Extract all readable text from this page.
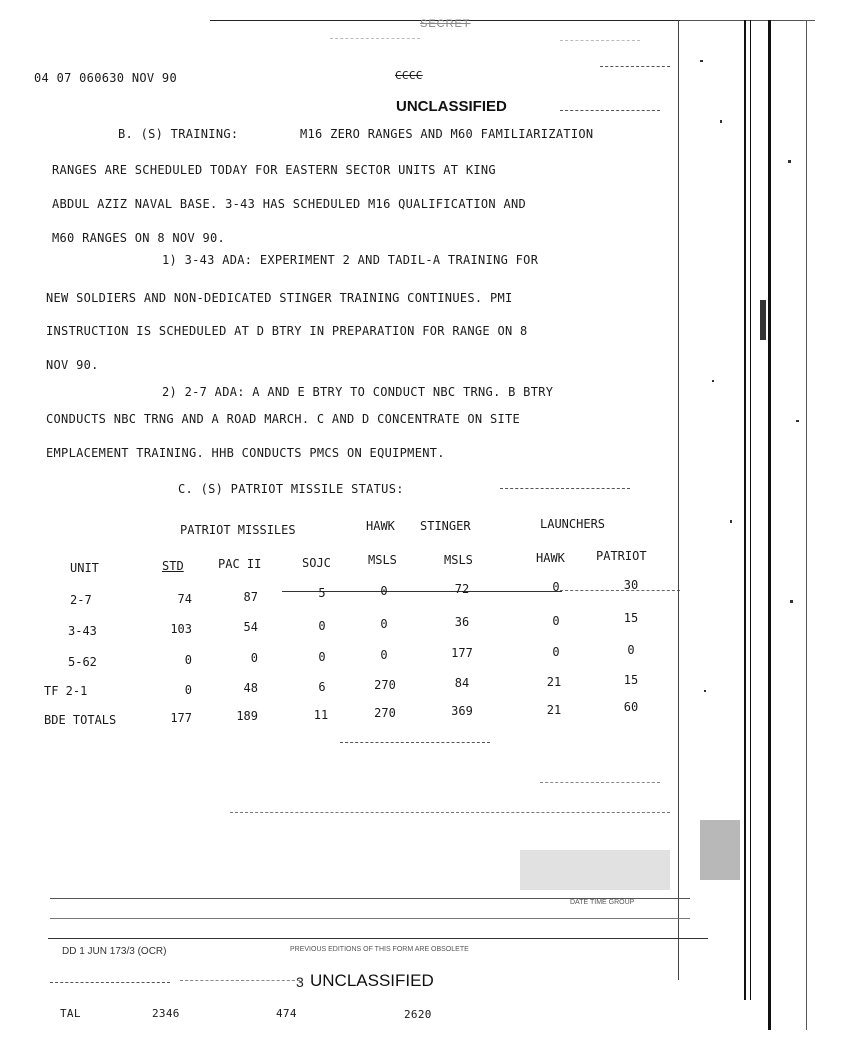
SECRET
04 07 060630 NOV 90	CCCC
UNCLASSIFIED
B. (S) TRAINING:	M16 ZERO RANGES AND M60 FAMILIARIZATION
RANGES ARE SCHEDULED TODAY FOR EASTERN SECTOR UNITS AT KING
ABDUL AZIZ NAVAL BASE. 3-43 HAS SCHEDULED M16 QUALIFICATION AND
M60 RANGES ON 8 NOV 90.
1) 3-43 ADA: EXPERIMENT 2 AND TADIL-A TRAINING FOR
NEW SOLDIERS AND NON-DEDICATED STINGER TRAINING CONTINUES. PMI
INSTRUCTION IS SCHEDULED AT D BTRY IN PREPARATION FOR RANGE ON 8
NOV 90.
2) 2-7 ADA: A AND E BTRY TO CONDUCT NBC TRNG. B BTRY
CONDUCTS NBC TRNG AND A ROAD MARCH. C AND D CONCENTRATE ON SITE
EMPLACEMENT TRAINING. HHB CONDUCTS PMCS ON EQUIPMENT.
C. (S) PATRIOT MISSILE STATUS:
PATRIOT MISSILES	HAWK STINGER	LAUNCHERS
UNIT	STD	PAC II	SOJC	MSLS	MSLS	HAWK	PATRIOT
2-7	74	87	5	0	72	0	30
3-43	103	54	0	0	36	0	15
5-62	0	0	0	0	177	0	0
TF 2-1	0	48	6	270	84	21	15
BDE TOTALS	177	189	11	270	369	21	60
DATE TIME GROUP
DD 1 JUN 173/3 (OCR)	PREVIOUS EDITIONS OF THIS FORM ARE OBSOLETE
3 UNCLASSIFIED
TAL	2346	474	2620
